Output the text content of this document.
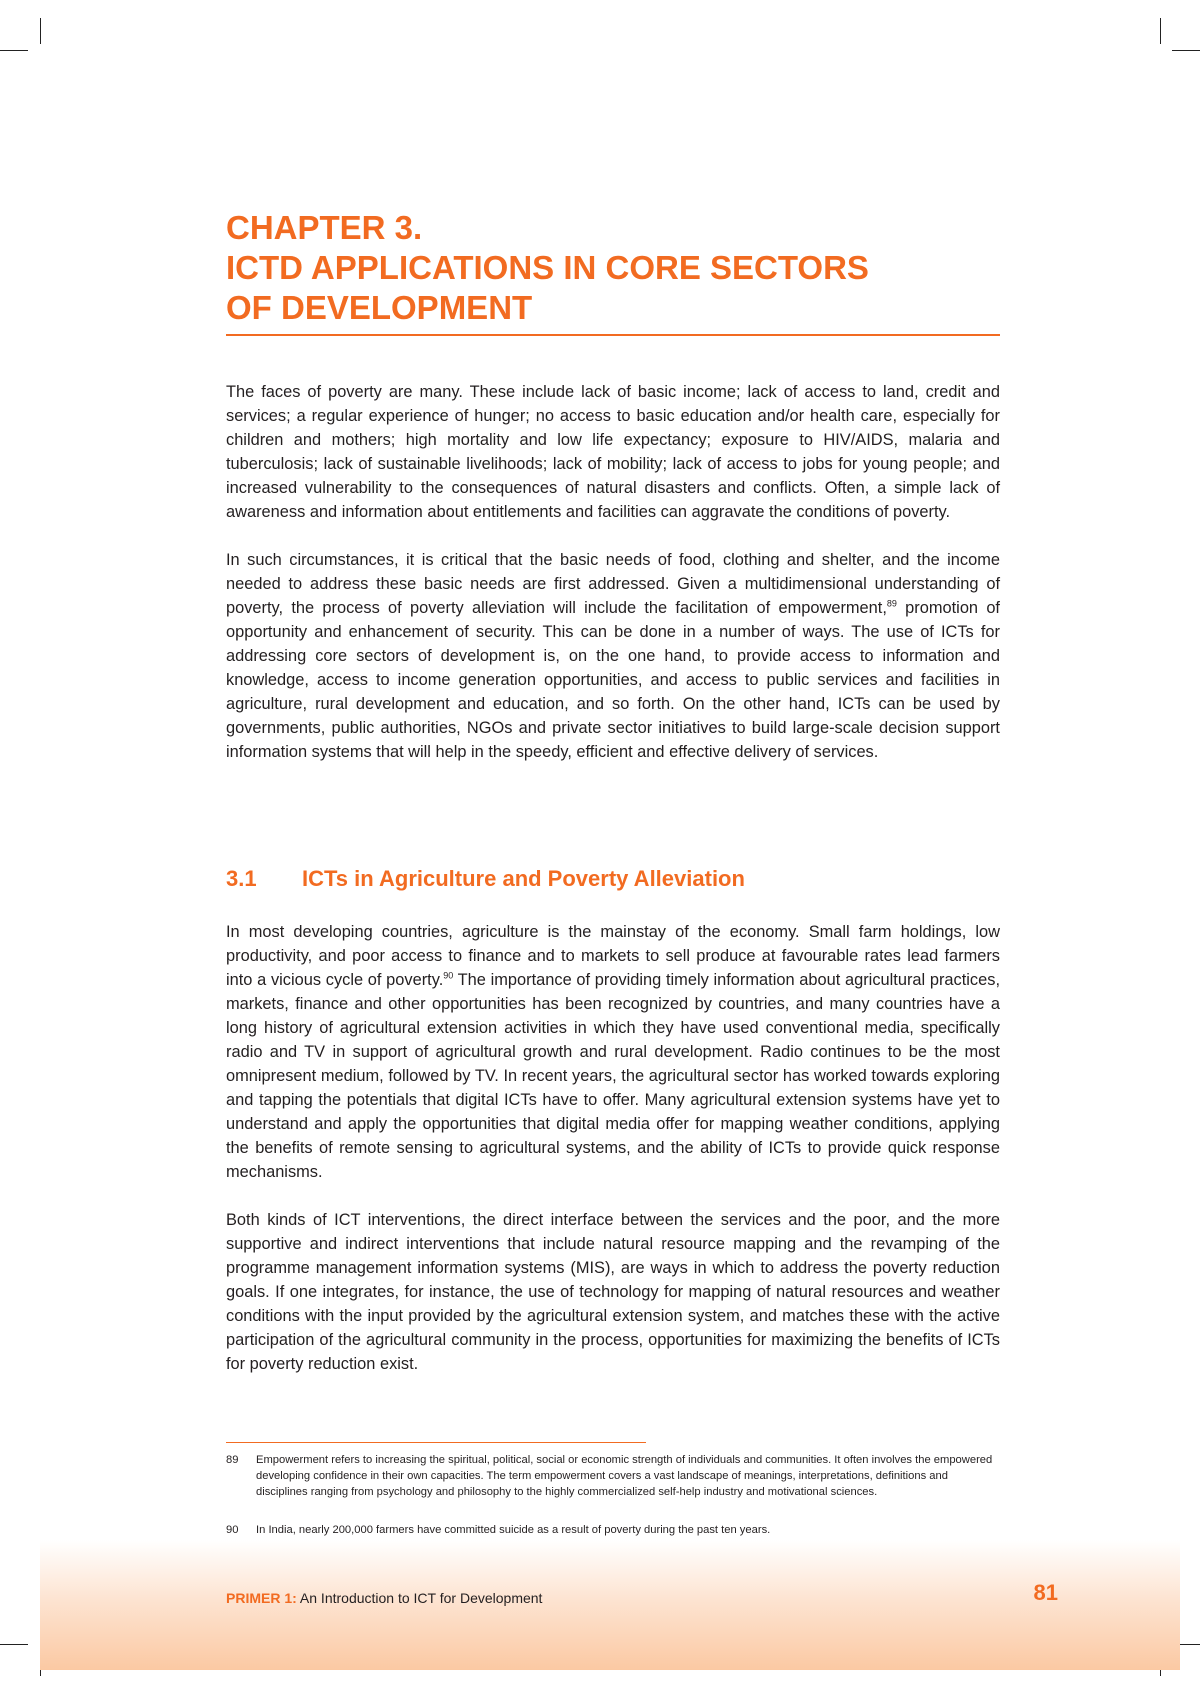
CHAPTER 3.
ICTD APPLICATIONS IN CORE SECTORS
OF DEVELOPMENT

The faces of poverty are many. These include lack of basic income; lack of access to land, credit and services; a regular experience of hunger; no access to basic education and/or health care, especially for children and mothers; high mortality and low life expectancy; exposure to HIV/AIDS, malaria and tuberculosis; lack of sustainable livelihoods; lack of mobility; lack of access to jobs for young people; and increased vulnerability to the consequences of natural disasters and conflicts. Often, a simple lack of awareness and information about entitlements and facilities can aggravate the conditions of poverty.

In such circumstances, it is critical that the basic needs of food, clothing and shelter, and the income needed to address these basic needs are first addressed. Given a multidimensional understanding of poverty, the process of poverty alleviation will include the facilitation of empowerment,$^{89}$ promotion of opportunity and enhancement of security. This can be done in a number of ways. The use of ICTs for addressing core sectors of development is, on the one hand, to provide access to information and knowledge, access to income generation opportunities, and access to public services and facilities in agriculture, rural development and education, and so forth. On the other hand, ICTs can be used by governments, public authorities, NGOs and private sector initiatives to build large-scale decision support information systems that will help in the speedy, efficient and effective delivery of services.

3.1 ICTs in Agriculture and Poverty Alleviation

In most developing countries, agriculture is the mainstay of the economy. Small farm holdings, low productivity, and poor access to finance and to markets to sell produce at favourable rates lead farmers into a vicious cycle of poverty.$^{90}$ The importance of providing timely information about agricultural practices, markets, finance and other opportunities has been recognized by countries, and many countries have a long history of agricultural extension activities in which they have used conventional media, specifically radio and TV in support of agricultural growth and rural development. Radio continues to be the most omnipresent medium, followed by TV. In recent years, the agricultural sector has worked towards exploring and tapping the potentials that digital ICTs have to offer. Many agricultural extension systems have yet to understand and apply the opportunities that digital media offer for mapping weather conditions, applying the benefits of remote sensing to agricultural systems, and the ability of ICTs to provide quick response mechanisms.

Both kinds of ICT interventions, the direct interface between the services and the poor, and the more supportive and indirect interventions that include natural resource mapping and the revamping of the programme management information systems (MIS), are ways in which to address the poverty reduction goals. If one integrates, for instance, the use of technology for mapping of natural resources and weather conditions with the input provided by the agricultural extension system, and matches these with the active participation of the agricultural community in the process, opportunities for maximizing the benefits of ICTs for poverty reduction exist.

89	Empowerment refers to increasing the spiritual, political, social or economic strength of individuals and communities. It often involves the empowered developing confidence in their own capacities. The term empowerment covers a vast landscape of meanings, interpretations, definitions and disciplines ranging from psychology and philosophy to the highly commercialized self-help industry and motivational sciences.
90	In India, nearly 200,000 farmers have committed suicide as a result of poverty during the past ten years.
PRIMER 1: An Introduction to ICT for Development	81
